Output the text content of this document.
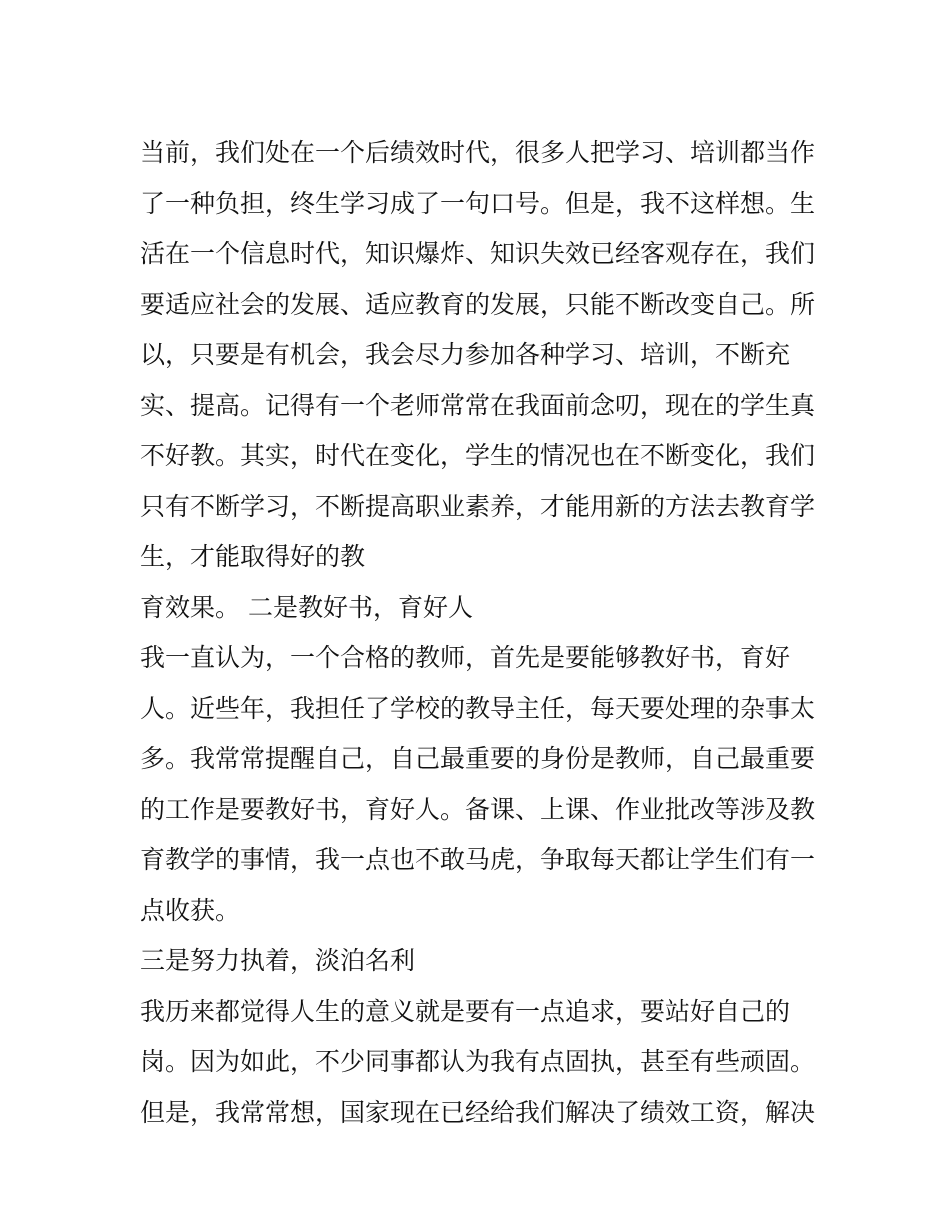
当前，我们处在一个后绩效时代，很多人把学习、培训都当作
了一种负担，终生学习成了一句口号。但是，我不这样想。生
活在一个信息时代，知识爆炸、知识失效已经客观存在，我们
要适应社会的发展、适应教育的发展，只能不断改变自己。所
以，只要是有机会，我会尽力参加各种学习、培训，不断充
实、提高。记得有一个老师常常在我面前念叨，现在的学生真
不好教。其实，时代在变化，学生的情况也在不断变化，我们
只有不断学习，不断提高职业素养，才能用新的方法去教育学
生，才能取得好的教
育效果。 二是教好书，育好人
我一直认为，一个合格的教师，首先是要能够教好书，育好
人。近些年，我担任了学校的教导主任，每天要处理的杂事太
多。我常常提醒自己，自己最重要的身份是教师，自己最重要
的工作是要教好书，育好人。备课、上课、作业批改等涉及教
育教学的事情，我一点也不敢马虎，争取每天都让学生们有一
点收获。
三是努力执着，淡泊名利
我历来都觉得人生的意义就是要有一点追求，要站好自己的
岗。因为如此，不少同事都认为我有点固执，甚至有些顽固。
但是，我常常想，国家现在已经给我们解决了绩效工资，解决
